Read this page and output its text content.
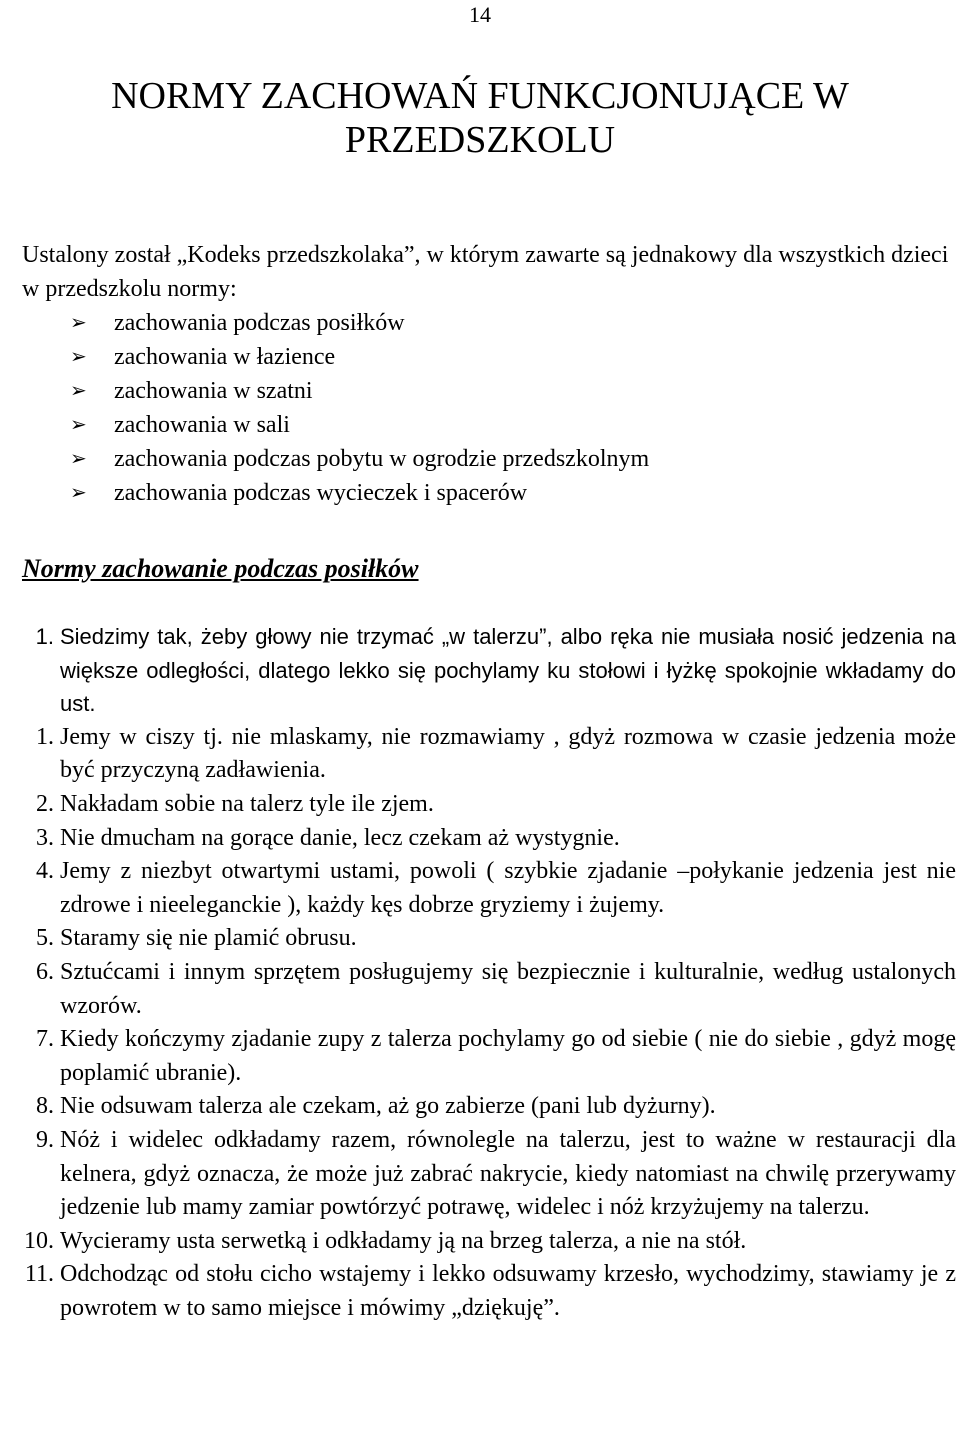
14
NORMY ZACHOWAŃ FUNKCJONUJĄCE W PRZEDSZKOLU

Ustalony został „Kodeks przedszkolaka”, w którym zawarte są jednakowy dla wszystkich dzieci w przedszkolu normy:

➢ zachowania podczas posiłków
➢ zachowania w łazience
➢ zachowania w szatni
➢ zachowania w sali
➢ zachowania podczas pobytu w ogrodzie przedszkolnym
➢ zachowania podczas wycieczek i spacerów
Normy zachowanie podczas posiłków
1. Siedzimy tak, żeby głowy nie trzymać „w talerzu”, albo ręka nie musiała nosić jedzenia na większe odległości, dlatego lekko się pochylamy ku stołowi i łyżkę spokojnie wkładamy do ust.
1. Jemy w ciszy tj. nie mlaskamy, nie rozmawiamy , gdyż rozmowa w czasie jedzenia może być przyczyną zadławienia.
2. Nakładam sobie na talerz tyle ile zjem.
3. Nie dmucham na gorące danie, lecz czekam aż wystygnie.
4. Jemy z niezbyt otwartymi ustami, powoli ( szybkie zjadanie –połykanie jedzenia jest nie zdrowe i nieeleganckie ), każdy kęs dobrze gryziemy i żujemy.
5. Staramy się nie plamić obrusu.
6. Sztućcami i innym sprzętem posługujemy się bezpiecznie i kulturalnie, według ustalonych wzorów.
7. Kiedy kończymy zjadanie zupy z talerza pochylamy go od siebie ( nie do siebie , gdyż mogę poplamić ubranie).
8. Nie odsuwam talerza ale czekam, aż go zabierze (pani lub dyżurny).
9. Nóż i widelec odkładamy razem, równolegle na talerzu, jest to ważne w restauracji dla kelnera, gdyż oznacza, że może już zabrać nakrycie, kiedy natomiast na chwilę przerywamy jedzenie lub mamy zamiar powtórzyć potrawę, widelec i nóż krzyżujemy na talerzu.
10. Wycieramy usta serwetką i odkładamy ją na brzeg talerza, a nie na stół.
11. Odchodząc od stołu cicho wstajemy i lekko odsuwamy krzesło, wychodzimy, stawiamy je z powrotem w to samo miejsce i mówimy „dziękuję”.
